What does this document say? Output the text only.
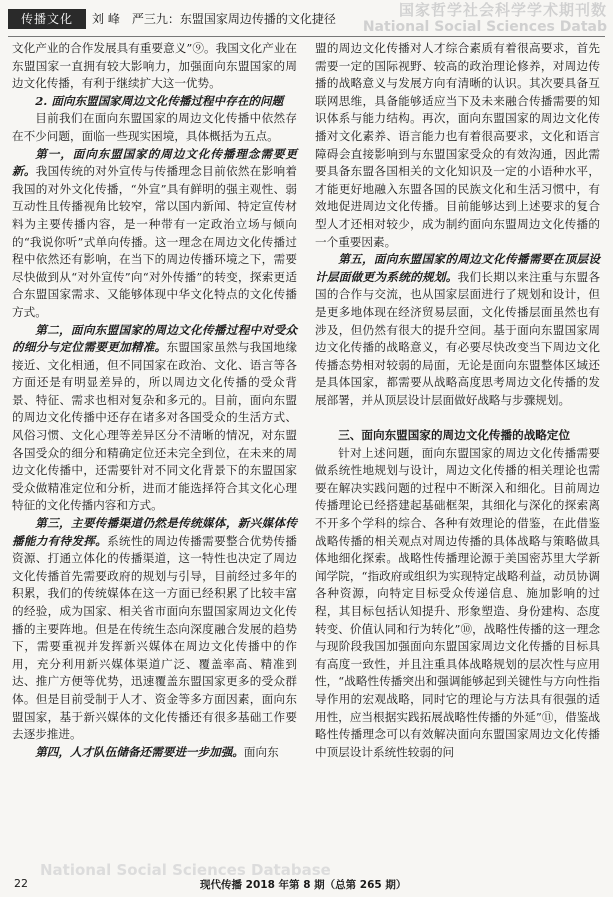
传播文化	刘 峰　严三九：东盟国家周边传播的文化捷径	国家哲学社会科学学术期刊数
National Social Sciences Datab

文化产业的合作发展具有重要意义”⑨。我国文化产业在东盟国家一直拥有较大影响力，加强面向东盟国家的周边文化传播，有利于继续扩大这一优势。

2. 面向东盟国家周边文化传播过程中存在的问题

目前我们在面向东盟国家的周边文化传播中依然存在不少问题，面临一些现实困境，具体概括为五点。

第一，面向东盟国家的周边文化传播理念需要更新。我国传统的对外宣传与传播理念目前依然在影响着我国的对外文化传播，“外宣”具有鲜明的强主观性、弱互动性且传播视角比较窄，常以国内新闻、特定宣传材料为主要传播内容，是一种带有一定政治立场与倾向的“我说你听”式单向传播。这一理念在周边文化传播过程中依然还有影响，在当下的周边传播环境之下，需要尽快做到从“对外宣传”向“对外传播”的转变，探索更适合东盟国家需求、又能够体现中华文化特点的文化传播方式。

第二，面向东盟国家的周边文化传播过程中对受众的细分与定位需要更加精准。东盟国家虽然与我国地缘接近、文化相通，但不同国家在政治、文化、语言等各方面还是有明显差异的，所以周边文化传播的受众背景、特征、需求也相对复杂和多元的。目前，面向东盟的周边文化传播中还存在诸多对各国受众的生活方式、风俗习惯、文化心理等差异区分不清晰的情况，对东盟各国受众的细分和精确定位还未完全到位，在未来的周边文化传播中，还需要针对不同文化背景下的东盟国家受众做精准定位和分析，进而才能选择符合其文化心理特征的文化传播内容和方式。

第三，主要传播渠道仍然是传统媒体，新兴媒体传播能力有待发挥。系统性的周边传播需要整合优势传播资源、打通立体化的传播渠道，这一特性也决定了周边文化传播首先需要政府的规划与引导，目前经过多年的积累，我们的传统媒体在这一方面已经积累了比较丰富的经验，成为国家、相关省市面向东盟国家周边文化传播的主要阵地。但是在传统生态向深度融合发展的趋势下，需要重视并发挥新兴媒体在周边文化传播中的作用，充分利用新兴媒体渠道广泛、覆盖率高、精准到达、推广方便等优势，迅速覆盖东盟国家更多的受众群体。但是目前受制于人才、资金等多方面因素，面向东盟国家，基于新兴媒体的文化传播还有很多基础工作要去逐步推进。

第四，人才队伍储备还需要进一步加强。面向东

盟的周边文化传播对人才综合素质有着很高要求，首先需要一定的国际视野、较高的政治理论修养，对周边传播的战略意义与发展方向有清晰的认识。其次要具备互联网思维，具备能够适应当下及未来融合传播需要的知识体系与能力结构。再次，面向东盟国家的周边文化传播对文化素养、语言能力也有着很高要求，文化和语言障碍会直接影响到与东盟国家受众的有效沟通，因此需要具备东盟各国相关的文化知识及一定的小语种水平，才能更好地融入东盟各国的民族文化和生活习惯中，有效地促进周边文化传播。目前能够达到上述要求的复合型人才还相对较少，成为制约面向东盟周边文化传播的一个重要因素。

第五，面向东盟国家的周边文化传播需要在顶层设计层面做更为系统的规划。我们长期以来注重与东盟各国的合作与交流，也从国家层面进行了规划和设计，但是更多地体现在经济贸易层面，文化传播层面虽然也有涉及，但仍然有很大的提升空间。基于面向东盟国家周边文化传播的战略意义，有必要尽快改变当下周边文化传播态势相对较弱的局面，无论是面向东盟整体区域还是具体国家，都需要从战略高度思考周边文化传播的发展部署，并从顶层设计层面做好战略与步骤规划。

三、面向东盟国家的周边文化传播的战略定位

针对上述问题，面向东盟国家的周边文化传播需要做系统性地规划与设计，周边文化传播的相关理论也需要在解决实践问题的过程中不断深入和细化。目前周边传播理论已经搭建起基础框架，其细化与深化的探索离不开多个学科的综合、各种有效理论的借鉴，在此借鉴战略传播的相关观点对周边传播的具体战略与策略做具体地细化探索。战略性传播理论源于美国密苏里大学新闻学院，“指政府或组织为实现特定战略利益，动员协调各种资源，向特定目标受众传递信息、施加影响的过程，其目标包括认知提升、形象塑造、身份建构、态度转变、价值认同和行为转化”⑩，战略性传播的这一理念与现阶段我国加强面向东盟国家周边文化传播的目标具有高度一致性，并且注重具体战略规划的层次性与应用性，“战略性传播突出和强调能够起到关键性与方向性指导作用的宏观战略，同时它的理论与方法具有很强的适用性，应当根据实践拓展战略性传播的外延”⑪，借鉴战略性传播理念可以有效解决面向东盟国家周边文化传播中顶层设计系统性较弱的问

National Social Sciences Database
22	现代传播 2018 年第 8 期（总第 265 期）
